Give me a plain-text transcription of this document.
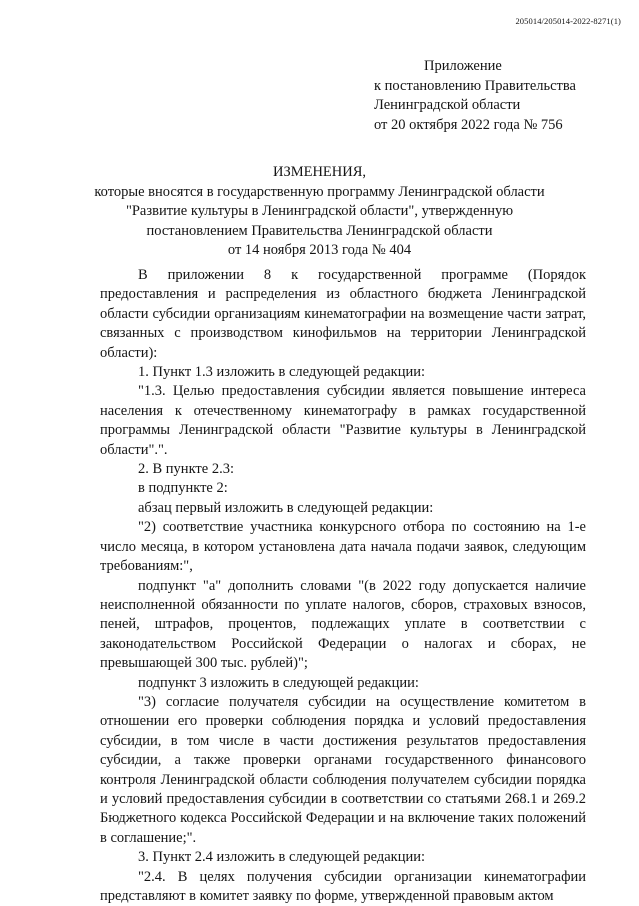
205014/205014-2022-8271(1)
Приложение
к постановлению Правительства
Ленинградской области
от 20 октября 2022 года № 756
ИЗМЕНЕНИЯ,
которые вносятся в государственную программу Ленинградской области
"Развитие культуры в Ленинградской области", утвержденную
постановлением Правительства Ленинградской области
от 14 ноября 2013 года № 404

В приложении 8 к государственной программе (Порядок предоставления и распределения из областного бюджета Ленинградской области субсидии организациям кинематографии на возмещение части затрат, связанных с производством кинофильмов на территории Ленинградской области):

1. Пункт 1.3 изложить в следующей редакции:

"1.3. Целью предоставления субсидии является повышение интереса населения к отечественному кинематографу в рамках государственной программы Ленинградской области "Развитие культуры в Ленинградской области".".

2. В пункте 2.3:

в подпункте 2:

абзац первый изложить в следующей редакции:

"2) соответствие участника конкурсного отбора по состоянию на 1-е число месяца, в котором установлена дата начала подачи заявок, следующим требованиям:",

подпункт "а" дополнить словами "(в 2022 году допускается наличие неисполненной обязанности по уплате налогов, сборов, страховых взносов, пеней, штрафов, процентов, подлежащих уплате в соответствии с законодательством Российской Федерации о налогах и сборах, не превышающей 300 тыс. рублей)";

подпункт 3 изложить в следующей редакции:

"3) согласие получателя субсидии на осуществление комитетом в отношении его проверки соблюдения порядка и условий предоставления субсидии, в том числе в части достижения результатов предоставления субсидии, а также проверки органами государственного финансового контроля Ленинградской области соблюдения получателем субсидии порядка и условий предоставления субсидии в соответствии со статьями 268.1 и 269.2 Бюджетного кодекса Российской Федерации и на включение таких положений в соглашение;".

3. Пункт 2.4 изложить в следующей редакции:

"2.4. В целях получения субсидии организации кинематографии представляют в комитет заявку по форме, утвержденной правовым актом
